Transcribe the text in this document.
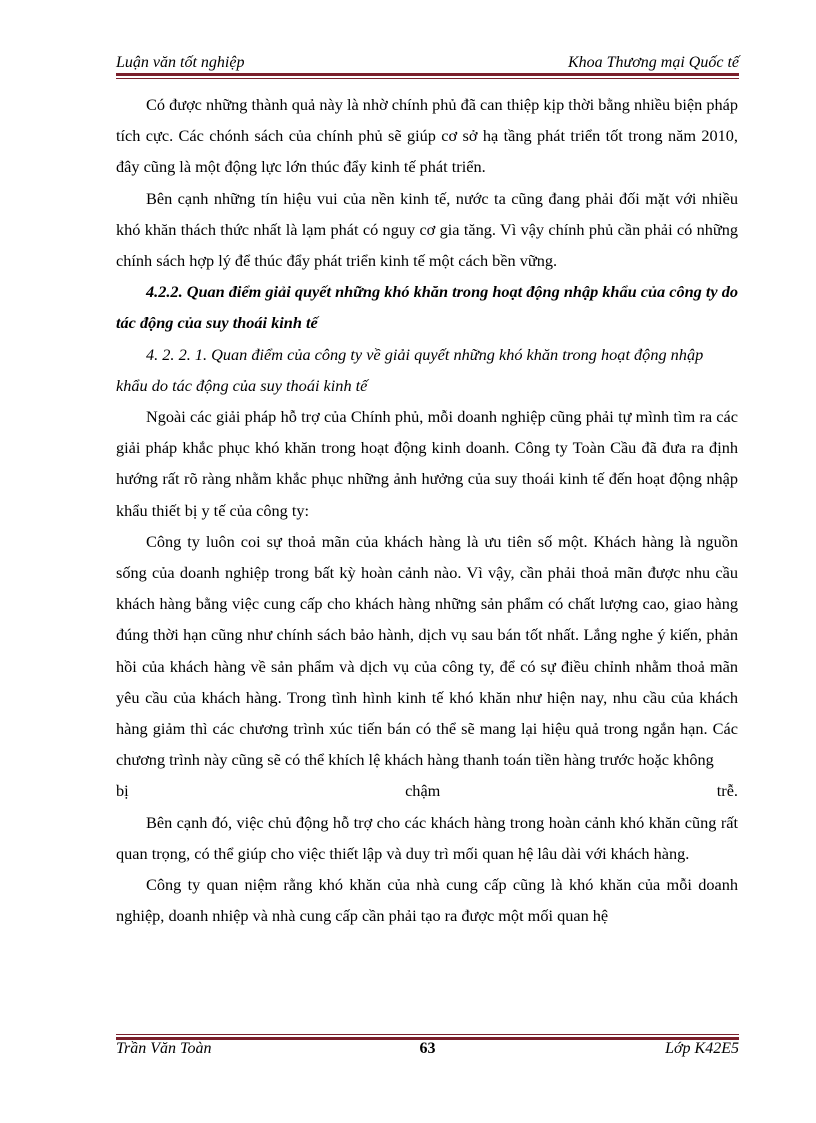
Luận văn tốt nghiệp	Khoa Thương mại Quốc tế

Có được những thành quả này là nhờ chính phủ đã can thiệp kịp thời bằng nhiều biện pháp tích cực. Các chónh sách của chính phủ sẽ giúp cơ sở hạ tầng phát triển tốt trong năm 2010, đây cũng là một động lực lớn thúc đẩy kinh tế phát triển.

Bên cạnh những tín hiệu vui của nền kinh tế, nước ta cũng đang phải đối mặt với nhiều khó khăn thách thức nhất là lạm phát có nguy cơ gia tăng. Vì vậy chính phủ cần phải có những chính sách hợp lý để thúc đẩy phát triển kinh tế một cách bền vững.

4.2.2. Quan điểm giải quyết những khó khăn trong hoạt động nhập khẩu của công ty do tác động của suy thoái kinh tế

4. 2. 2. 1. Quan điểm của công ty về giải quyết những khó khăn trong hoạt động nhập khẩu do tác động của suy thoái kinh tế

Ngoài các giải pháp hỗ trợ của Chính phủ, mỗi doanh nghiệp cũng phải tự mình tìm ra các giải pháp khắc phục khó khăn trong hoạt động kinh doanh. Công ty Toàn Cầu đã đưa ra định hướng rất rõ ràng nhằm khắc phục những ảnh hưởng của suy thoái kinh tế đến hoạt động nhập khẩu thiết bị y tế của công ty:

Công ty luôn coi sự thoả mãn của khách hàng là ưu tiên số một. Khách hàng là nguồn sống của doanh nghiệp trong bất kỳ hoàn cảnh nào. Vì vậy, cần phải thoả mãn được nhu cầu khách hàng bằng việc cung cấp cho khách hàng những sản phẩm có chất lượng cao, giao hàng đúng thời hạn cũng như chính sách bảo hành, dịch vụ sau bán tốt nhất. Lắng nghe ý kiến, phản hồi của khách hàng về sản phẩm và dịch vụ của công ty, để có sự điều chỉnh nhằm thoả mãn yêu cầu của khách hàng. Trong tình hình kinh tế khó khăn như hiện nay, nhu cầu của khách hàng giảm thì các chương trình xúc tiến bán có thể sẽ mang lại hiệu quả trong ngắn hạn. Các chương trình này cũng sẽ có thể khích lệ khách hàng thanh toán tiền hàng trước hoặc không

bị chậm trễ.

Bên cạnh đó, việc chủ động hỗ trợ cho các khách hàng trong hoàn cảnh khó khăn cũng rất quan trọng, có thể giúp cho việc thiết lập và duy trì mối quan hệ lâu dài với khách hàng.

Công ty quan niệm rằng khó khăn của nhà cung cấp cũng là khó khăn của mỗi doanh nghiệp, doanh nhiệp và nhà cung cấp cần phải tạo ra được một mối quan hệ

Trần Văn Toàn	63	Lớp K42E5
